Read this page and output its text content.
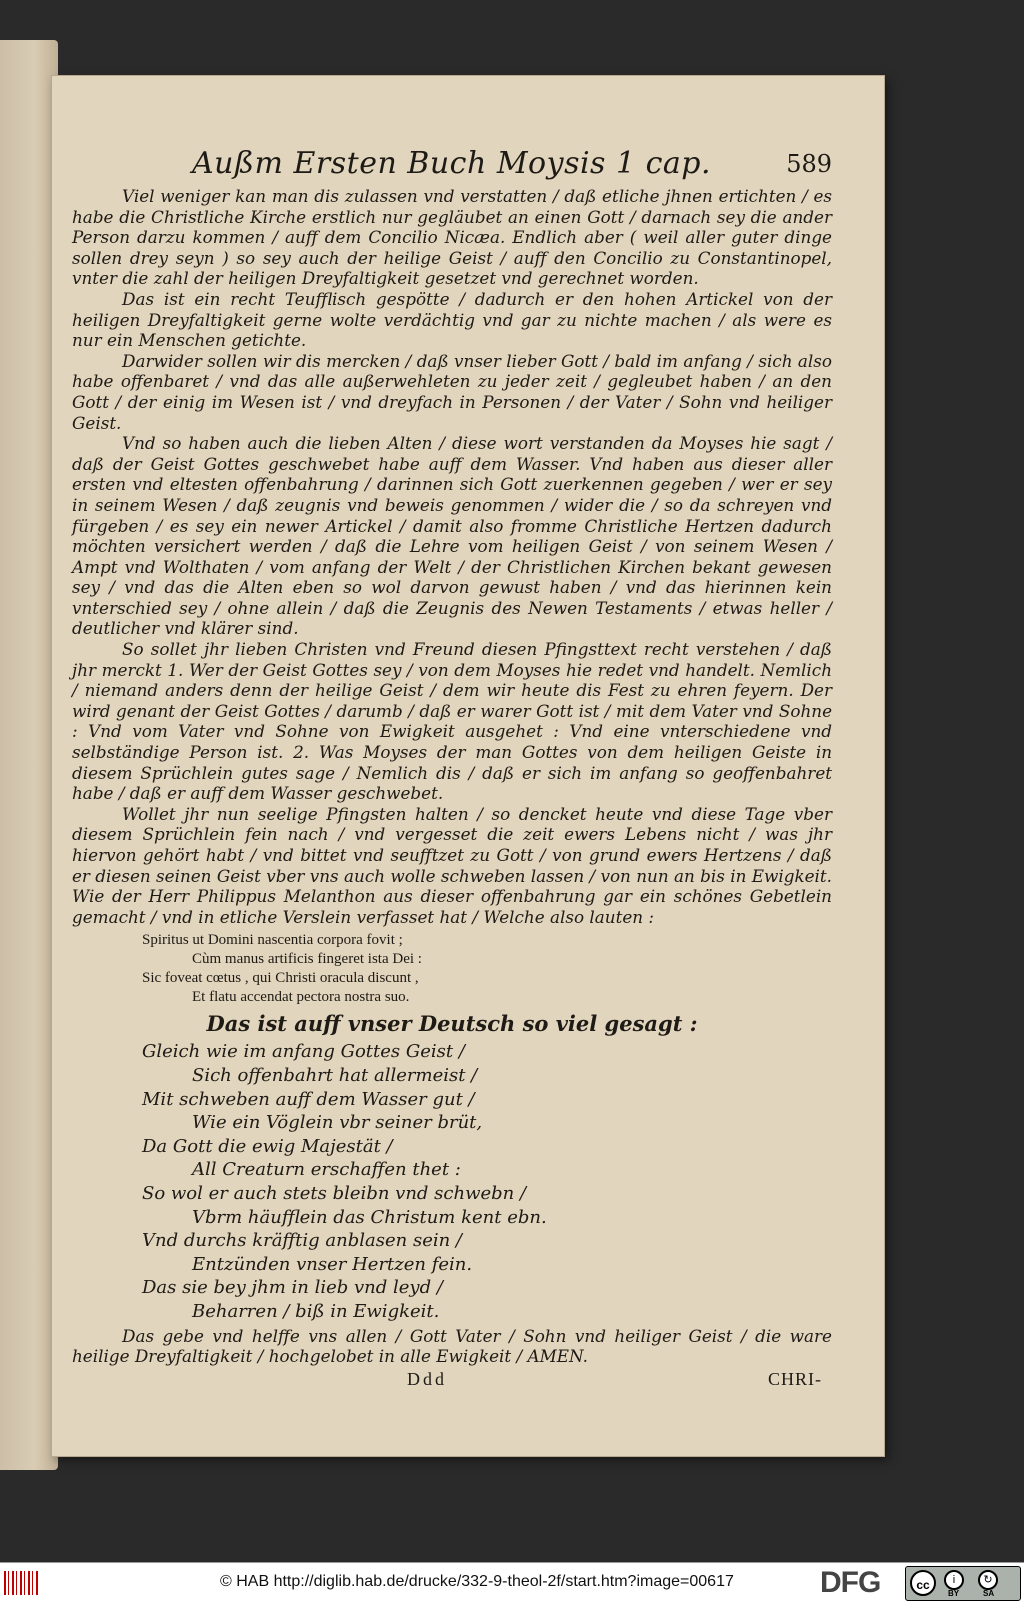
Außm Ersten Buch Moysis 1 cap.	589

Viel weniger kan man dis zulassen vnd verstatten / daß etliche jhnen ertichten / es habe die Christliche Kirche erstlich nur gegläubet an einen Gott / darnach sey die ander Person darzu kommen / auff dem Concilio Nicæa. Endlich aber ( weil aller guter dinge sollen drey seyn ) so sey auch der heilige Geist / auff den Concilio zu Constantinopel, vnter die zahl der heiligen Dreyfaltigkeit gesetzet vnd gerechnet worden.

Das ist ein recht Teufflisch gespötte / dadurch er den hohen Artickel von der heiligen Dreyfaltigkeit gerne wolte verdächtig vnd gar zu nichte machen / als were es nur ein Menschen getichte.

Darwider sollen wir dis mercken / daß vnser lieber Gott / bald im anfang / sich also habe offenbaret / vnd das alle außerwehleten zu jeder zeit / gegleubet haben / an den Gott / der einig im Wesen ist / vnd dreyfach in Personen / der Vater / Sohn vnd heiliger Geist.

Vnd so haben auch die lieben Alten / diese wort verstanden da Moyses hie sagt / daß der Geist Gottes geschwebet habe auff dem Wasser. Vnd haben aus dieser aller ersten vnd eltesten offenbahrung / darinnen sich Gott zuerkennen gegeben / wer er sey in seinem Wesen / daß zeugnis vnd beweis genommen / wider die / so da schreyen vnd fürgeben / es sey ein newer Artickel / damit also fromme Christliche Hertzen dadurch möchten versichert werden / daß die Lehre vom heiligen Geist / von seinem Wesen / Ampt vnd Wolthaten / vom anfang der Welt / der Christlichen Kirchen bekant gewesen sey / vnd das die Alten eben so wol darvon gewust haben / vnd das hierinnen kein vnterschied sey / ohne allein / daß die Zeugnis des Newen Testaments / etwas heller / deutlicher vnd klärer sind.

So sollet jhr lieben Christen vnd Freund diesen Pfingsttext recht verstehen / daß jhr merckt 1. Wer der Geist Gottes sey / von dem Moyses hie redet vnd handelt. Nemlich / niemand anders denn der heilige Geist / dem wir heute dis Fest zu ehren feyern. Der wird genant der Geist Gottes / darumb / daß er warer Gott ist / mit dem Vater vnd Sohne : Vnd vom Vater vnd Sohne von Ewigkeit ausgehet : Vnd eine vnterschiedene vnd selbständige Person ist. 2. Was Moyses der man Gottes von dem heiligen Geiste in diesem Sprüchlein gutes sage / Nemlich dis / daß er sich im anfang so geoffenbahret habe / daß er auff dem Wasser geschwebet.

Wollet jhr nun seelige Pfingsten halten / so dencket heute vnd diese Tage vber diesem Sprüchlein fein nach / vnd vergesset die zeit ewers Lebens nicht / was jhr hiervon gehört habt / vnd bittet vnd seufftzet zu Gott / von grund ewers Hertzens / daß er diesen seinen Geist vber vns auch wolle schweben lassen / von nun an bis in Ewigkeit. Wie der Herr Philippus Melanthon aus dieser offenbahrung gar ein schönes Gebetlein gemacht / vnd in etliche Verslein verfasset hat / Welche also lauten :

Spiritus ut Domini nascentia corpora fovit ;
Cùm manus artificis fingeret ista Dei :
Sic foveat cœtus , qui Christi oracula discunt ,
Et flatu accendat pectora nostra suo.
Das ist auff vnser Deutsch so viel gesagt :
Gleich wie im anfang Gottes Geist /
Sich offenbahrt hat allermeist /
Mit schweben auff dem Wasser gut /
Wie ein Vöglein vbr seiner brüt,
Da Gott die ewig Majestät /
All Creaturn erschaffen thet :
So wol er auch stets bleibn vnd schwebn /
Vbrm häufflein das Christum kent ebn.
Vnd durchs kräfftig anblasen sein /
Entzünden vnser Hertzen fein.
Das sie bey jhm in lieb vnd leyd /
Beharren / biß in Ewigkeit.

Das gebe vnd helffe vns allen / Gott Vater / Sohn vnd heiliger Geist / die ware heilige Dreyfaltigkeit / hochgelobet in alle Ewigkeit / AMEN.

Ddd	CHRI-
© HAB http://diglib.hab.de/drucke/332-9-theol-2f/start.htm?image=00617	DFG	cc	i	↻
BY	SA
